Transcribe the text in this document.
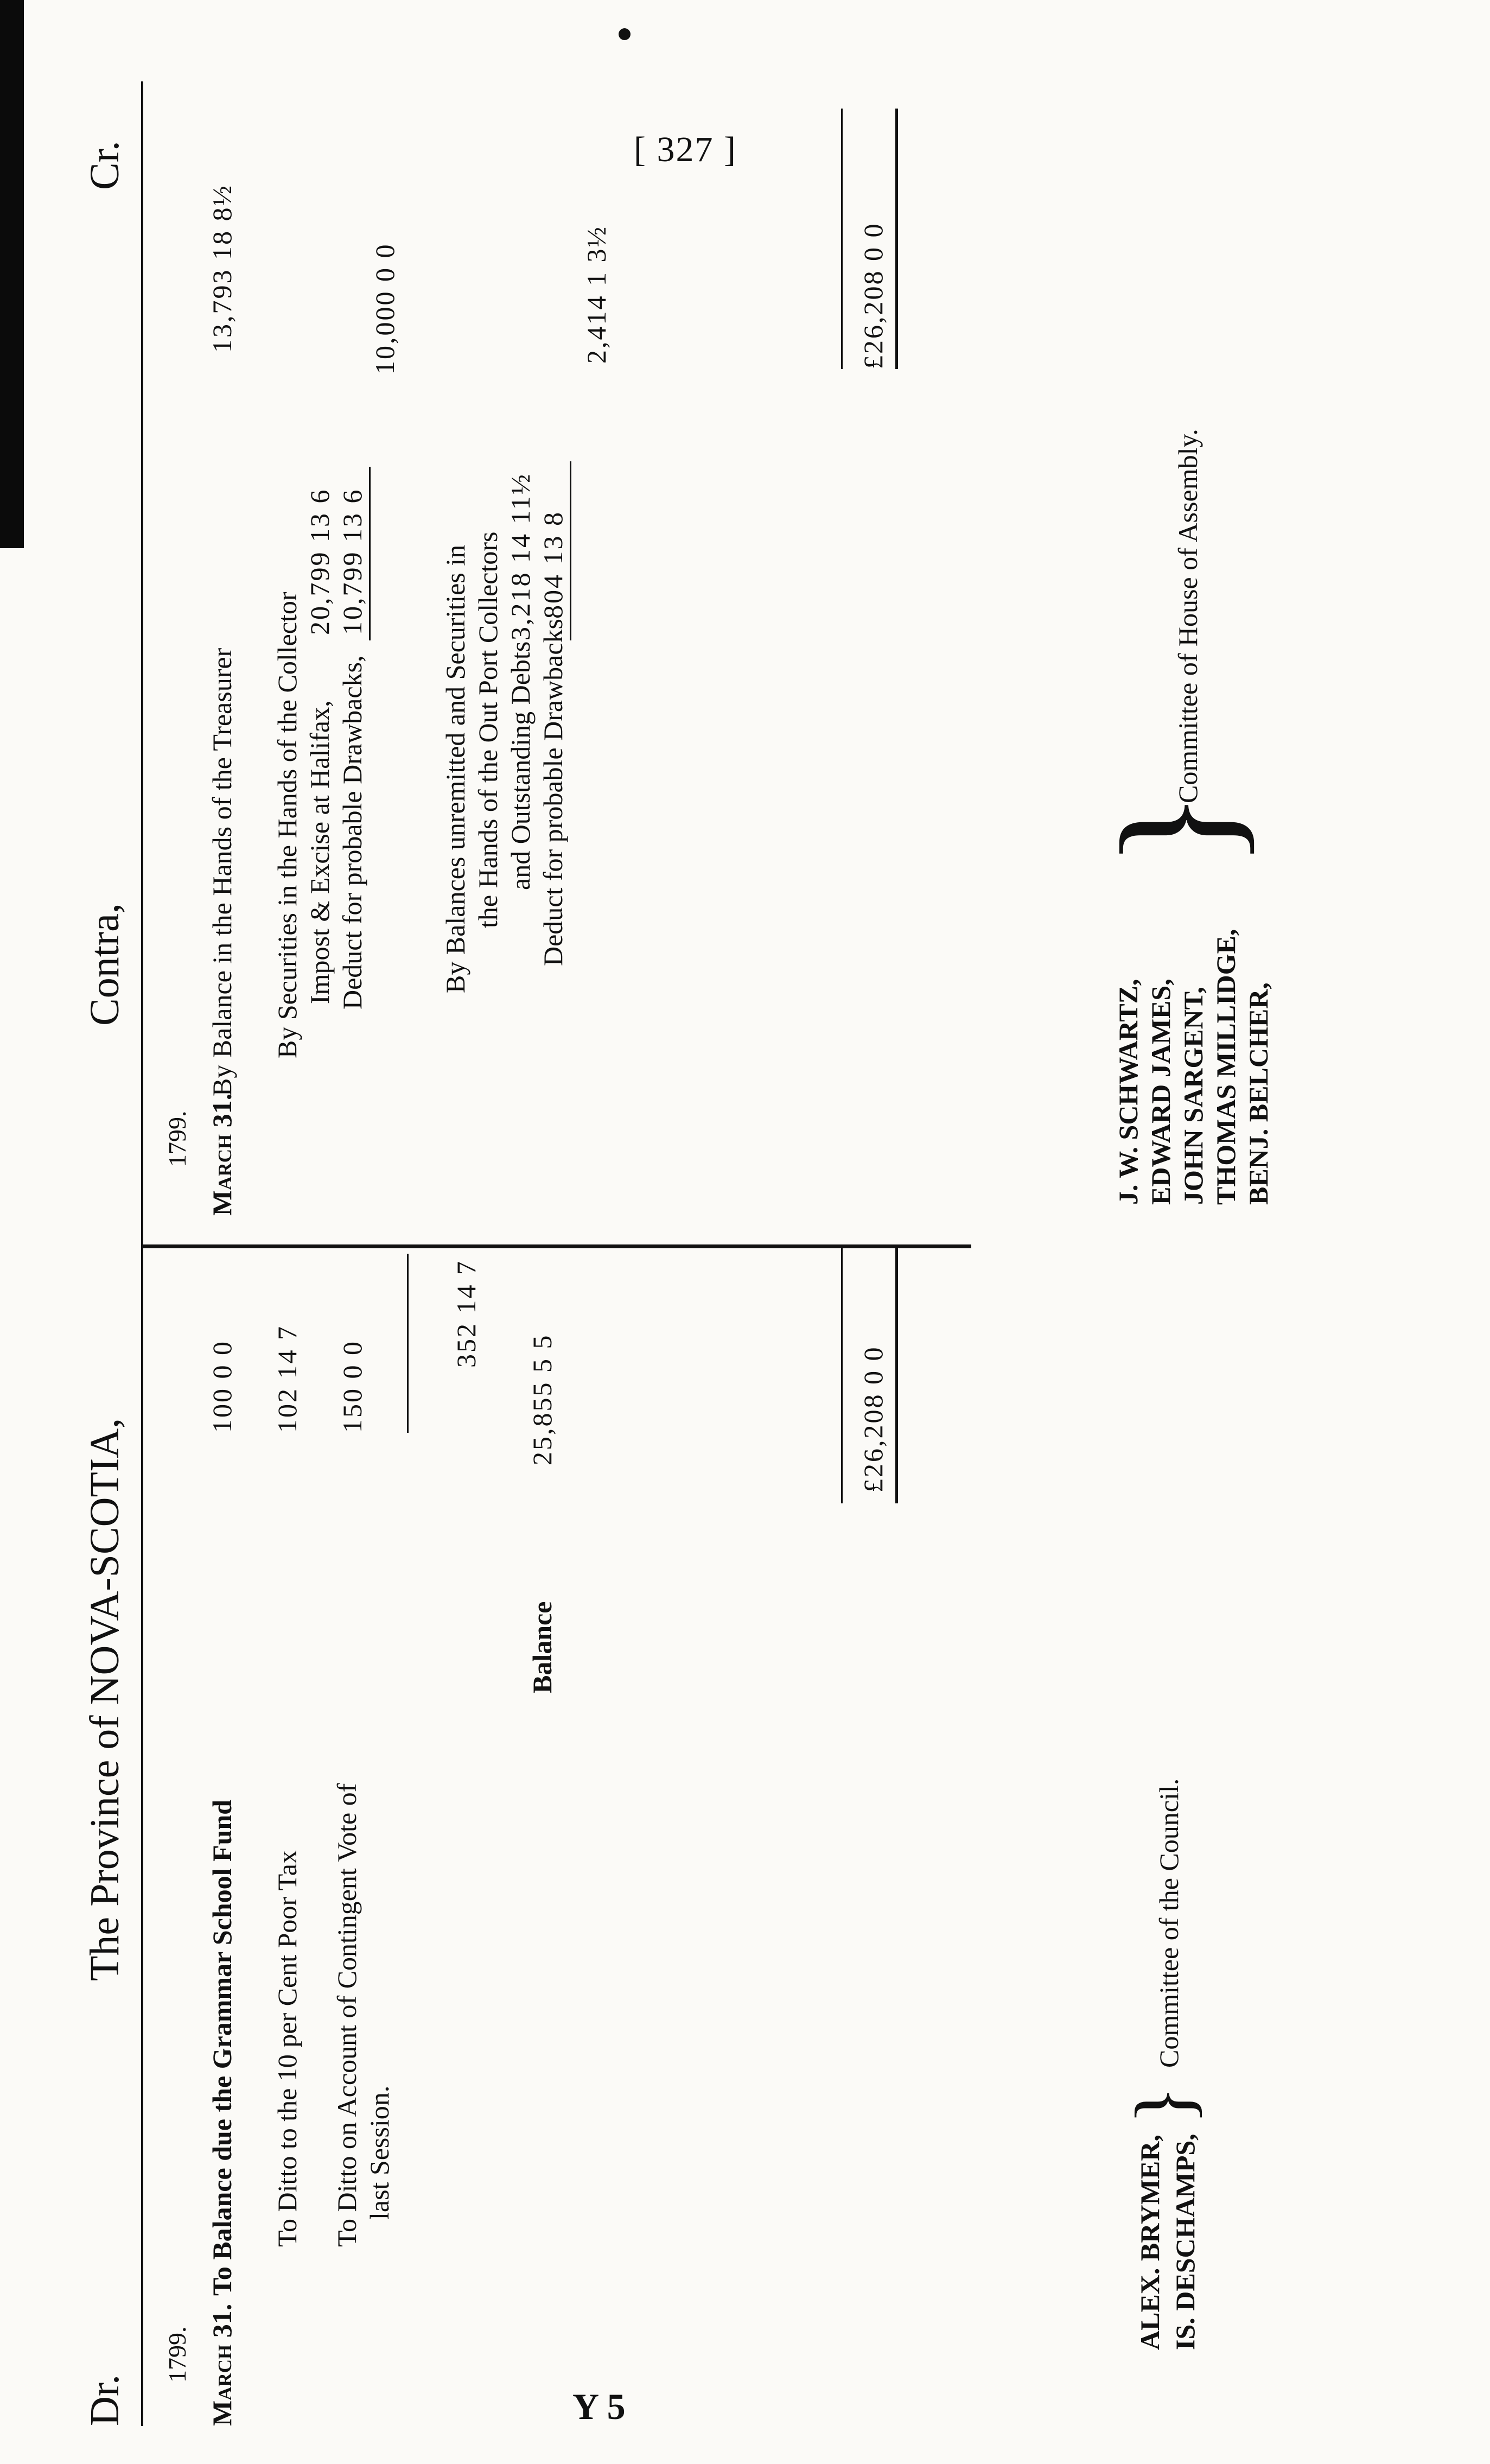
[ 327 ]
Y 5
Dr.
The Province of NOVA-SCOTIA,
Contra,
Cr.
1799. March 31.
To Balance due the Grammar School Fund
100 0 0
To Ditto to the 10 per Cent Poor Tax
102 14 7
To Ditto on Account of Contingent Vote of last Session.
150 0 0
352 14 7
Balance
25,855 5 5	£26,208 0 0
1799. March 31.
By Balance in the Hands of the Treasurer
13,793 18 8½
By Securities in the Hands of the Collector Impost & Excise at Halifax,
20,799 13 6
Deduct for probable Drawbacks,
10,799 13 6
10,000 0 0
By Balances unremitted and Securities in the Hands of the Out Port Collectors and Outstanding Debts
3,218 14 11½
Deduct for probable Drawbacks
804 13 8
2,414 1 3½	£26,208 0 0
ALEX. BRYMER, IS. DESCHAMPS,
}
Committee of the Council.
J. W. SCHWARTZ, EDWARD JAMES, JOHN SARGENT, THOMAS MILLIDGE, BENJ. BELCHER,
}
Committee of House of Assembly.
